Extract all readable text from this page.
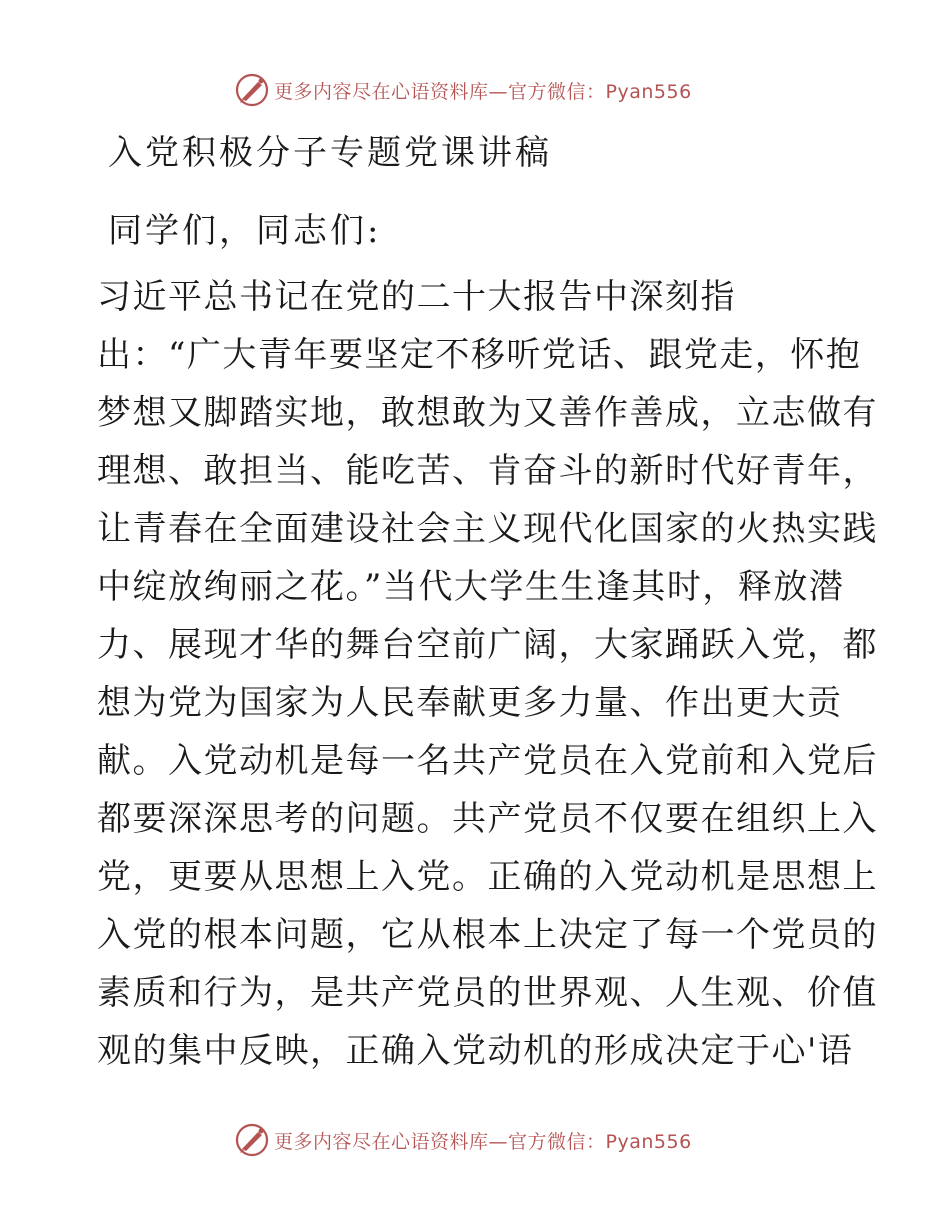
更多内容尽在心语资料库—官方微信：Pyan556
入党积极分子专题党课讲稿

同学们，同志们:

习近平总书记在党的二十大报告中深刻指

出：“广大青年要坚定不移听党话、跟党走，怀抱

梦想又脚踏实地，敢想敢为又善作善成，立志做有

理想、敢担当、能吃苦、肯奋斗的新时代好青年，

让青春在全面建设社会主义现代化国家的火热实践

中绽放绚丽之花。”当代大学生生逢其时，释放潜

力、展现才华的舞台空前广阔，大家踊跃入党，都

想为党为国家为人民奉献更多力量、作出更大贡

献。入党动机是每一名共产党员在入党前和入党后

都要深深思考的问题。共产党员不仅要在组织上入

党，更要从思想上入党。正确的入党动机是思想上

入党的根本问题，它从根本上决定了每一个党员的

素质和行为，是共产党员的世界观、人生观、价值

观的集中反映，正确入党动机的形成决定于心'语

更多内容尽在心语资料库—官方微信：Pyan556
